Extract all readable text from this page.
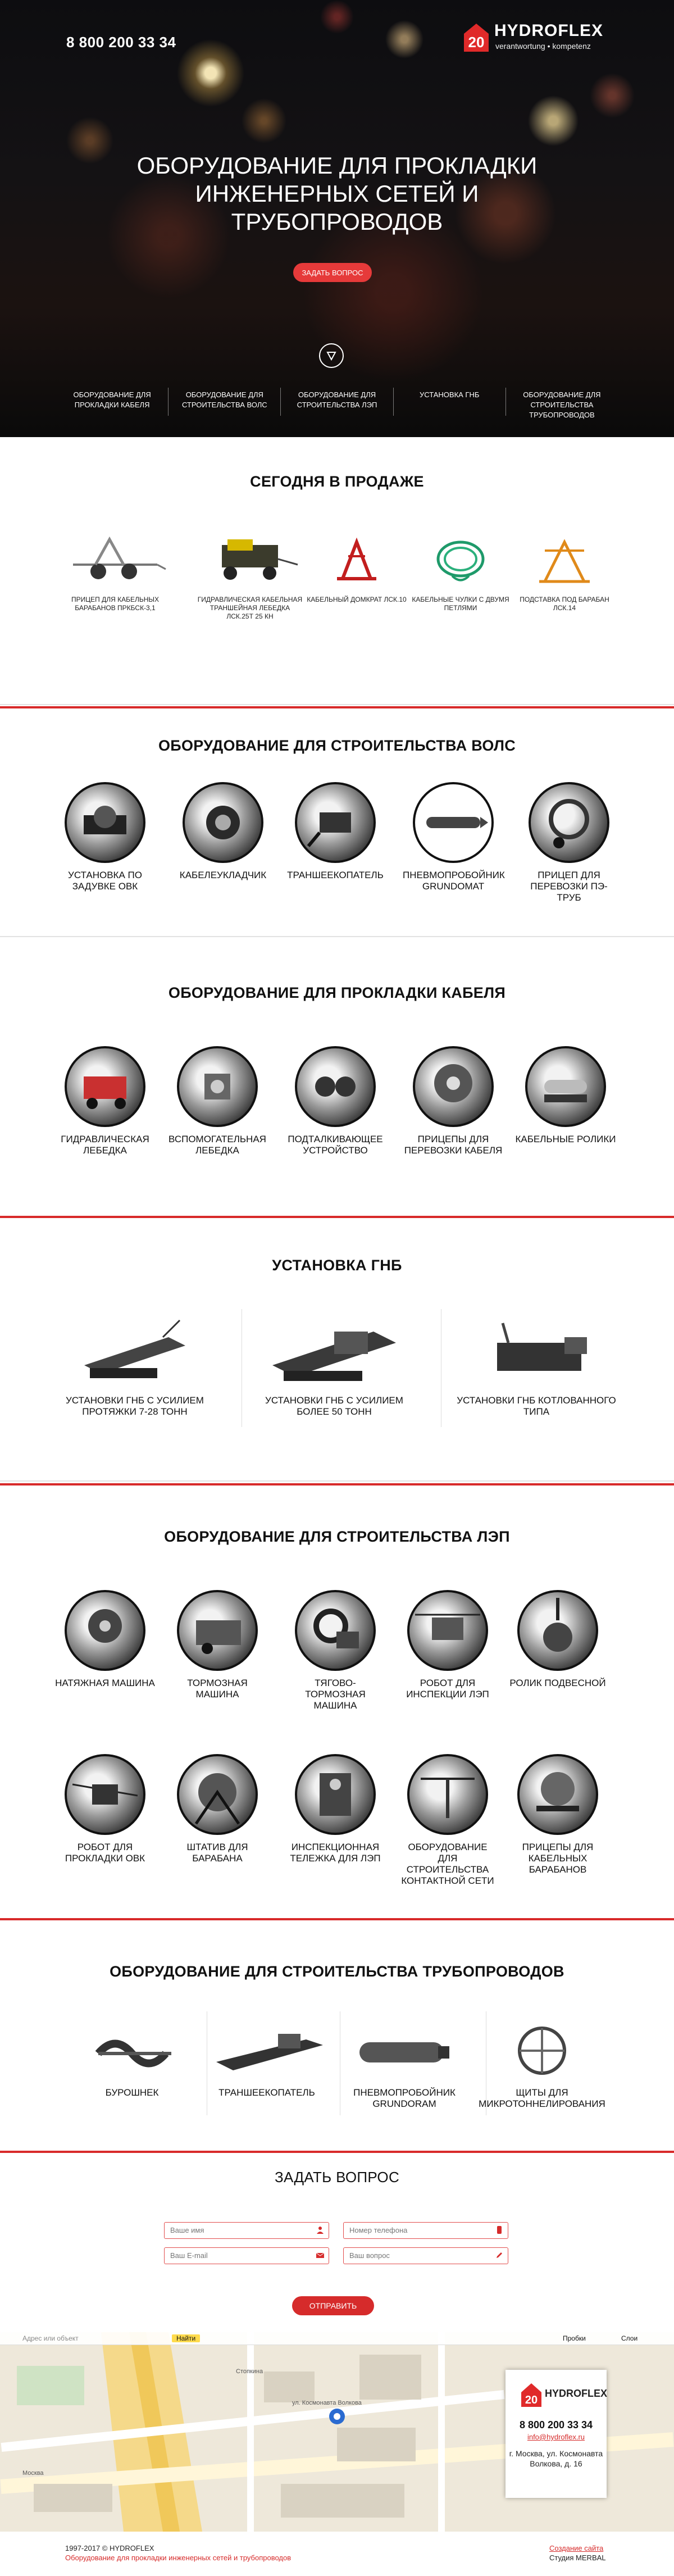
8 800 200 33 34	20
HYDROFLEX
verantwortung • kompetenz
ОБОРУДОВАНИЕ ДЛЯ ПРОКЛАДКИ ИНЖЕНЕРНЫХ СЕТЕЙ И ТРУБОПРОВОДОВ
ЗАДАТЬ ВОПРОС
ОБОРУДОВАНИЕ ДЛЯ ПРОКЛАДКИ КАБЕЛЯ
ОБОРУДОВАНИЕ ДЛЯ СТРОИТЕЛЬСТВА ВОЛС
ОБОРУДОВАНИЕ ДЛЯ СТРОИТЕЛЬСТВА ЛЭП
УСТАНОВКА ГНБ	ОБОРУДОВАНИЕ ДЛЯ СТРОИТЕЛЬСТВА ТРУБОПРОВОДОВ
СЕГОДНЯ В ПРОДАЖЕ
ПРИЦЕП ДЛЯ КАБЕЛЬНЫХ БАРАБАНОВ ПРКБСК-3,1
ГИДРАВЛИЧЕСКАЯ КАБЕЛЬНАЯ ТРАНШЕЙНАЯ ЛЕБЕДКА ЛСК.25Т 25 КН
КАБЕЛЬНЫЙ ДОМКРАТ ЛСК.10 КАБЕЛЬНЫЕ ЧУЛКИ С ДВУМЯ ПЕТЛЯМИ
ПОДСТАВКА ПОД БАРАБАН ЛСК.14
ОБОРУДОВАНИЕ ДЛЯ СТРОИТЕЛЬСТВА ВОЛС
УСТАНОВКА ПО ЗАДУВКЕ ОВК
КАБЕЛЕУКЛАДЧИК	ТРАНШЕЕКОПАТЕЛЬ ПНЕВМОПРОБОЙНИК GRUNDOMAT
ПРИЦЕП ДЛЯ ПЕРЕВОЗКИ ПЭ-ТРУБ
ОБОРУДОВАНИЕ ДЛЯ ПРОКЛАДКИ КАБЕЛЯ
ГИДРАВЛИЧЕСКАЯ ЛЕБЕДКА
ВСПОМОГАТЕЛЬНАЯ ЛЕБЕДКА
ПОДТАЛКИВАЮЩЕЕ УСТРОЙСТВО
ПРИЦЕПЫ ДЛЯ ПЕРЕВОЗКИ КАБЕЛЯ
КАБЕЛЬНЫЕ РОЛИКИ
УСТАНОВКА ГНБ
УСТАНОВКИ ГНБ С УСИЛИЕМ ПРОТЯЖКИ 7-28 ТОНН
УСТАНОВКИ ГНБ С УСИЛИЕМ БОЛЕЕ 50 ТОНН
УСТАНОВКИ ГНБ КОТЛОВАННОГО ТИПА
ОБОРУДОВАНИЕ ДЛЯ СТРОИТЕЛЬСТВА ЛЭП
НАТЯЖНАЯ МАШИНА	ТОРМОЗНАЯ МАШИНА
ТЯГОВО-ТОРМОЗНАЯ МАШИНА
РОБОТ ДЛЯ ИНСПЕКЦИИ ЛЭП
РОЛИК ПОДВЕСНОЙ
РОБОТ ДЛЯ ПРОКЛАДКИ ОВК
ШТАТИВ ДЛЯ БАРАБАНА
ИНСПЕКЦИОННАЯ ТЕЛЕЖКА ДЛЯ ЛЭП
ОБОРУДОВАНИЕ ДЛЯ СТРОИТЕЛЬСТВА КОНТАКТНОЙ СЕТИ
ПРИЦЕПЫ ДЛЯ КАБЕЛЬНЫХ БАРАБАНОВ
ОБОРУДОВАНИЕ ДЛЯ СТРОИТЕЛЬСТВА ТРУБОПРОВОДОВ
БУРОШНЕК	ТРАНШЕЕКОПАТЕЛЬ	ПНЕВМОПРОБОЙНИК GRUNDORAM
ЩИТЫ ДЛЯ МИКРОТОННЕЛИРОВАНИЯ
ЗАДАТЬ ВОПРОС
Ваше имя	Номер телефона
Ваш E-mail	Ваш вопрос
ОТПРАВИТЬ
Адрес или объект	Найти	Пробки	Слои
Стопкина
ул. Космонавта Волкова
Москва
20
HYDROFLEX
8 800 200 33 34
info@hydroflex.ru
г. Москва, ул. Космонавта Волкова, д. 16
1997-2017 © HYDROFLEX
Оборудование для прокладки инженерных сетей и трубопроводов
Создание сайта
Студия MERBAL
